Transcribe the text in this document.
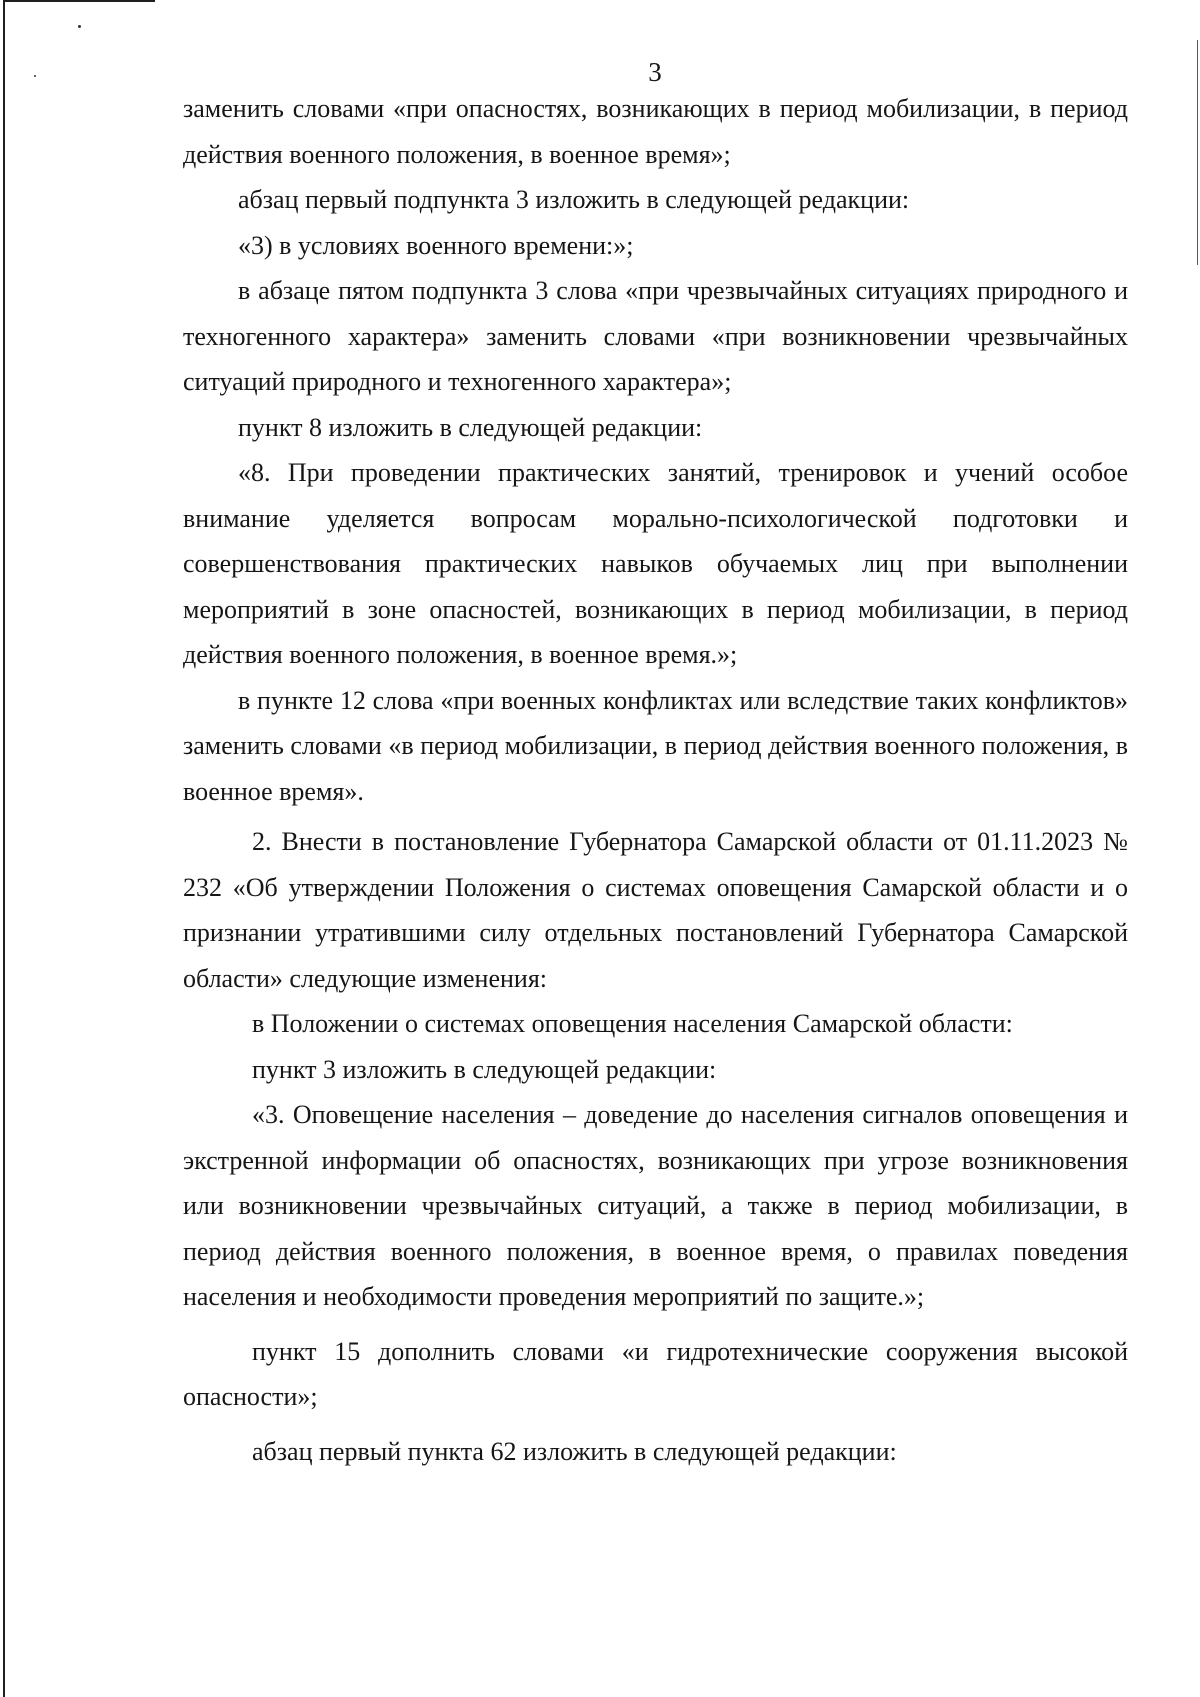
3

заменить словами «при опасностях, возникающих в период мобилизации, в период действия военного положения, в военное время»;

абзац первый подпункта 3 изложить в следующей редакции:

«3) в условиях военного времени:»;

в абзаце пятом подпункта 3 слова «при чрезвычайных ситуациях природного и техногенного характера» заменить словами «при возникновении чрезвычайных ситуаций природного и техногенного характера»;

пункт 8 изложить в следующей редакции:

«8. При проведении практических занятий, тренировок и учений особое внимание уделяется вопросам морально-психологической подготовки и совершенствования практических навыков обучаемых лиц при выполнении мероприятий в зоне опасностей, возникающих в период мобилизации, в период действия военного положения, в военное время.»;

в пункте 12 слова «при военных конфликтах или вследствие таких конфликтов» заменить словами «в период мобилизации, в период действия военного положения, в военное время».

2. Внести в постановление Губернатора Самарской области от 01.11.2023 № 232 «Об утверждении Положения о системах оповещения Самарской области и о признании утратившими силу отдельных постановлений Губернатора Самарской области» следующие изменения:

в Положении о системах оповещения населения Самарской области:

пункт 3 изложить в следующей редакции:

«3. Оповещение населения – доведение до населения сигналов оповещения и экстренной информации об опасностях, возникающих при угрозе возникновения или возникновении чрезвычайных ситуаций, а также в период мобилизации, в период действия военного положения, в военное время, о правилах поведения населения и необходимости проведения мероприятий по защите.»;

пункт 15 дополнить словами «и гидротехнические сооружения высокой опасности»;

абзац первый пункта 62 изложить в следующей редакции:
